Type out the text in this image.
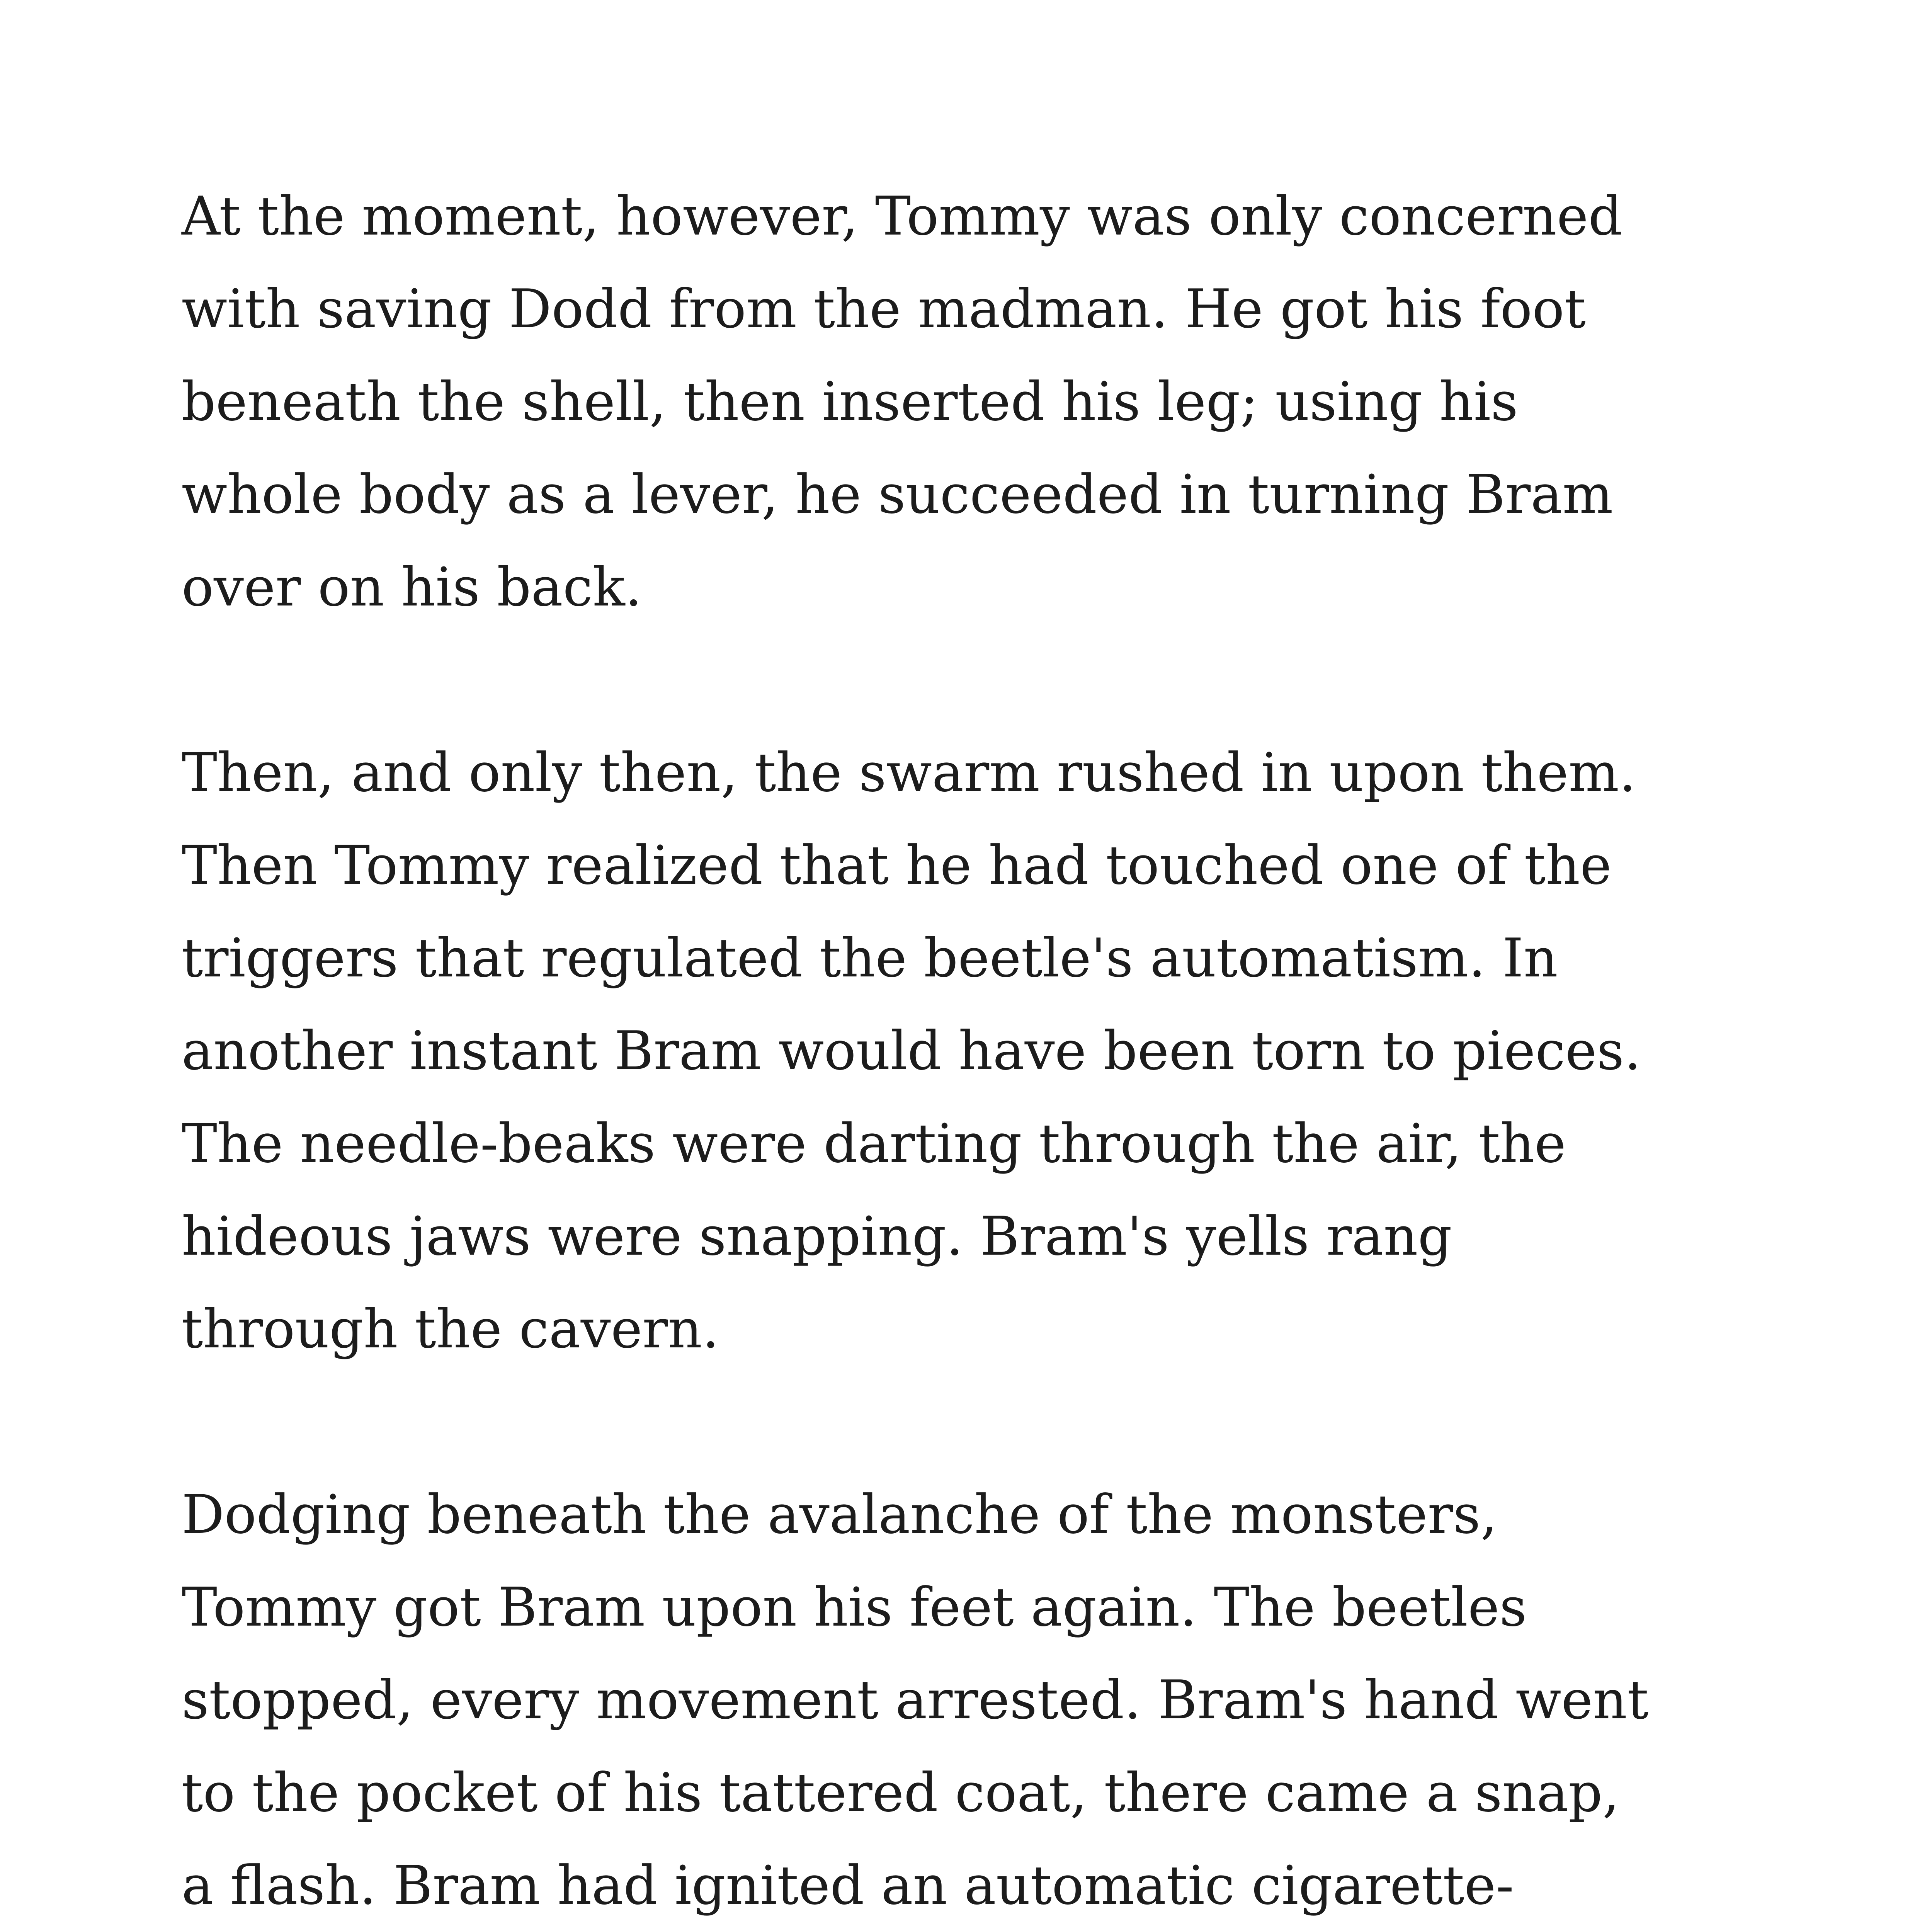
At the moment, however, Tommy was only concerned
with saving Dodd from the madman. He got his foot
beneath the shell, then inserted his leg; using his
whole body as a lever, he succeeded in turning Bram
over on his back.

Then, and only then, the swarm rushed in upon them.
Then Tommy realized that he had touched one of the
triggers that regulated the beetle's automatism. In
another instant Bram would have been torn to pieces.
The needle-beaks were darting through the air, the
hideous jaws were snapping. Bram's yells rang
through the cavern.

Dodging beneath the avalanche of the monsters,
Tommy got Bram upon his feet again. The beetles
stopped, every movement arrested. Bram's hand went
to the pocket of his tattered coat, there came a snap,
a flash. Bram had ignited an automatic cigarette-
